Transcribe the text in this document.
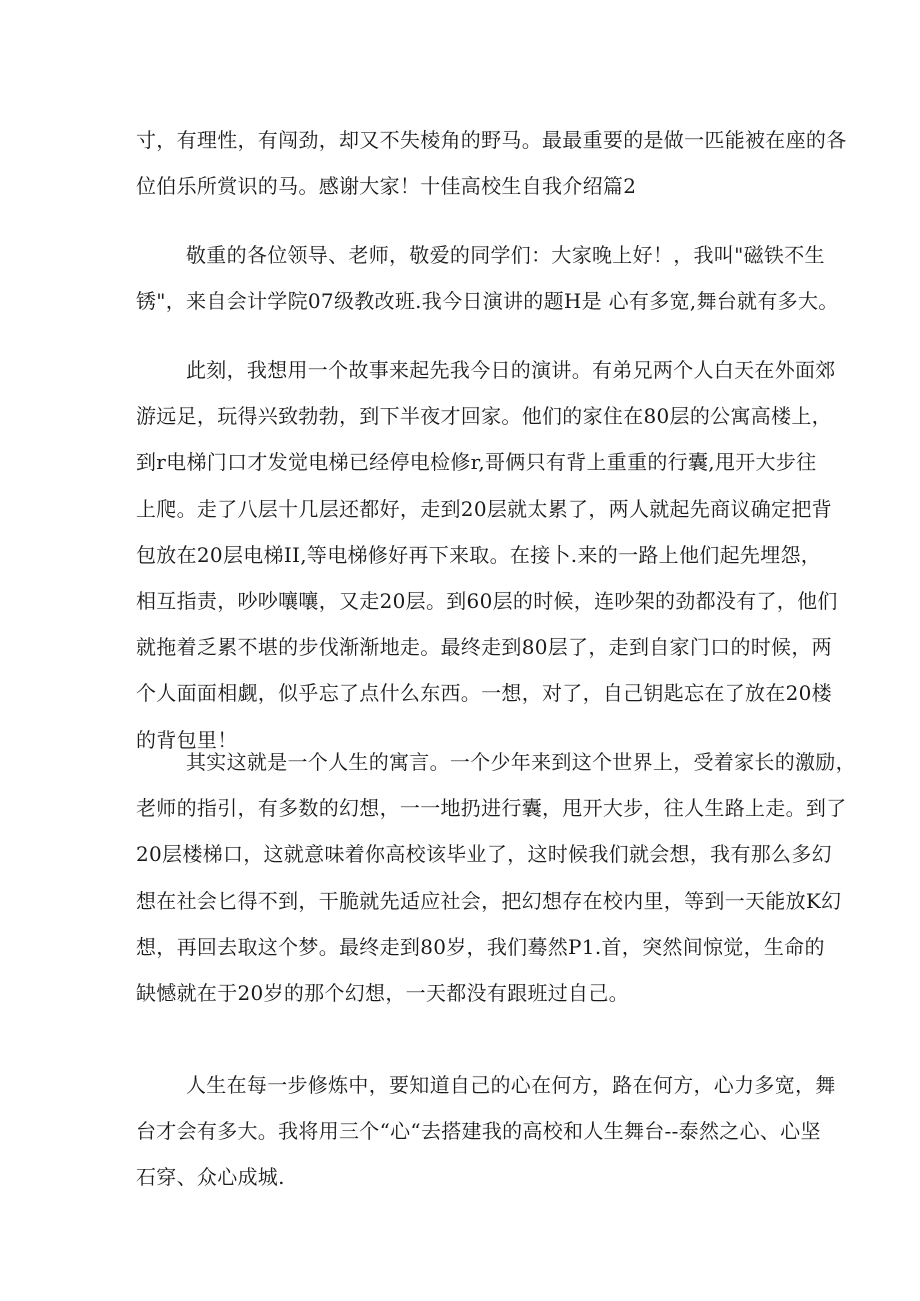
寸，有理性，有闯劲，却又不失棱角的野马。最最重要的是做一匹能被在座的各
位伯乐所赏识的马。感谢大家！十佳高校生自我介绍篇2

敬重的各位领导、老师，敬爱的同学们：大家晚上好！，我叫"磁铁不生
锈"，来自会计学院07级教改班.我今日演讲的题H是 心有多宽,舞台就有多大。

此刻，我想用一个故事来起先我今日的演讲。有弟兄两个人白天在外面郊
游远足，玩得兴致勃勃，到下半夜才回家。他们的家住在80层的公寓高楼上，
到r电梯门口才发觉电梯已经停电检修r,哥俩只有背上重重的行囊,甩开大步往
上爬。走了八层十几层还都好，走到20层就太累了，两人就起先商议确定把背
包放在20层电梯II,等电梯修好再下来取。在接卜.来的一路上他们起先埋怨，
相互指责，吵吵嚷嚷，又走20层。到60层的时候，连吵架的劲都没有了，他们
就拖着乏累不堪的步伐渐渐地走。最终走到80层了，走到自家门口的时候，两
个人面面相觑，似乎忘了点什么东西。一想，对了，自己钥匙忘在了放在20楼
的背包里！

其实这就是一个人生的寓言。一个少年来到这个世界上，受着家长的激励，
老师的指引，有多数的幻想，一一地扔进行囊，甩开大步，往人生路上走。到了
20层楼梯口，这就意味着你高校该毕业了，这时候我们就会想，我有那么多幻
想在社会匕得不到，干脆就先适应社会，把幻想存在校内里，等到一天能放K幻
想，再回去取这个梦。最终走到80岁，我们蓦然P1.首，突然间惊觉，生命的
缺憾就在于20岁的那个幻想，一天都没有跟班过自己。

人生在每一步修炼中，要知道自己的心在何方，路在何方，心力多宽，舞
台才会有多大。我将用三个“心“去搭建我的高校和人生舞台--泰然之心、心坚
石穿、众心成城.
